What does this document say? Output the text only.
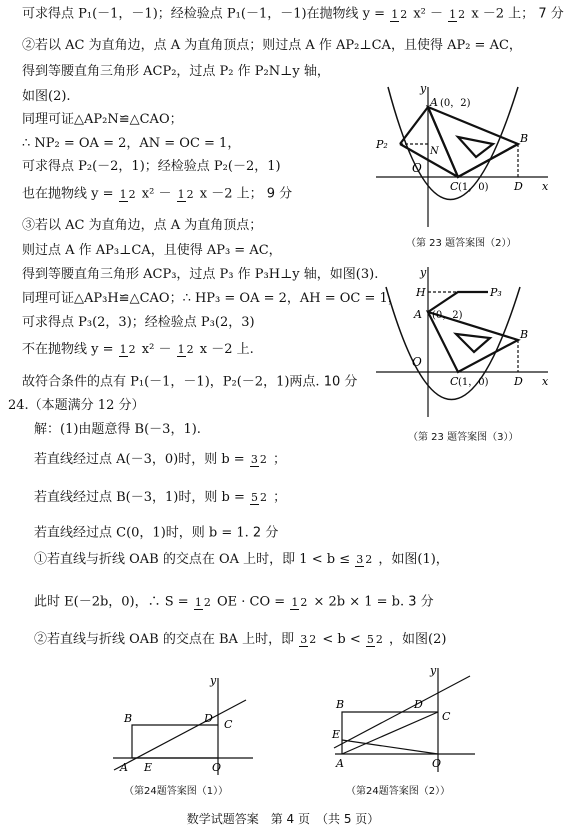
可求得点 P₁(－1，－1)；经检验点 P₁(－1，－1)在抛物线 y = 1 2 x² － 1 2 x －2 上； 7 分
②若以 AC 为直角边，点 A 为直角顶点；则过点 A 作 AP₂⊥CA，且使得 AP₂ = AC，
得到等腰直角三角形 ACP₂，过点 P₂ 作 P₂N⊥y 轴，
如图(2).
同理可证△AP₂N≌△CAO；
∴ NP₂ = OA = 2，AN = OC = 1，
可求得点 P₂(－2，1)；经检验点 P₂(－2，1)
也在抛物线 y = 1 2 x² － 1 2 x －2 上； 9 分
③若以 AC 为直角边，点 A 为直角顶点；
则过点 A 作 AP₃⊥CA，且使得 AP₃ = AC，
得到等腰直角三角形 ACP₃，过点 P₃ 作 P₃H⊥y 轴，如图(3).
同理可证△AP₃H≌△CAO；∴ HP₃ = OA = 2，AH = OC = 1，
可求得点 P₃(2，3)；经检验点 P₃(2，3)
不在抛物线 y = 1 2 x² － 1 2 x －2 上.
故符合条件的点有 P₁(－1，－1)，P₂(－2，1)两点. 10 分
24.（本题满分 12 分）
解：(1)由题意得 B(－3，1).
若直线经过点 A(－3，0)时，则 b = 3 2 ；
若直线经过点 B(－3，1)时，则 b = 5 2 ；
若直线经过点 C(0，1)时，则 b = 1. 2 分
①若直线与折线 OAB 的交点在 OA 上时，即 1 < b ≤ 3 2 ，如图(1)，
此时 E(－2b，0)，∴ S = 1 2 OE · CO = 1 2 × 2b × 1 = b. 3 分
②若直线与折线 OAB 的交点在 BA 上时，即 3 2 < b < 5 2 ，如图(2)
y
x
A (0，2)
P₂
N
O
B
C (1，0) D
（第 23 题答案图（2））
y
x
H	P₃
A (0，2)
O
B
C (1，0) D
（第 23 题答案图（3））
y
B	D C
A E	O
（第24题答案图（1））
y
B	D
C
E
A	O
（第24题答案图（2））
数学试题答案　第 4 页　（共 5 页）
